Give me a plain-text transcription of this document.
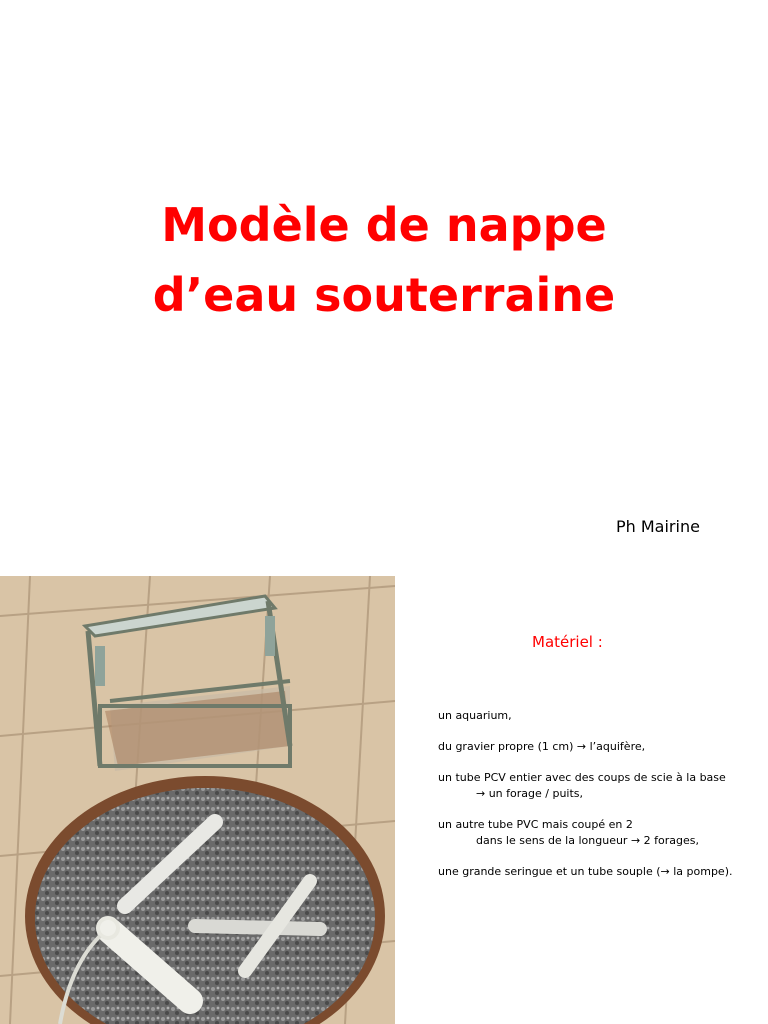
Modèle de nappe
d’eau souterraine
Ph Mairine
Matériel :
un aquarium,
du gravier propre (1 cm) → l’aquifère,
un tube PCV entier avec des coups de scie à la base
→ un forage / puits,
un autre tube PVC mais coupé en 2
dans le sens de la longueur → 2 forages,
une grande seringue et un tube souple (→ la pompe).
